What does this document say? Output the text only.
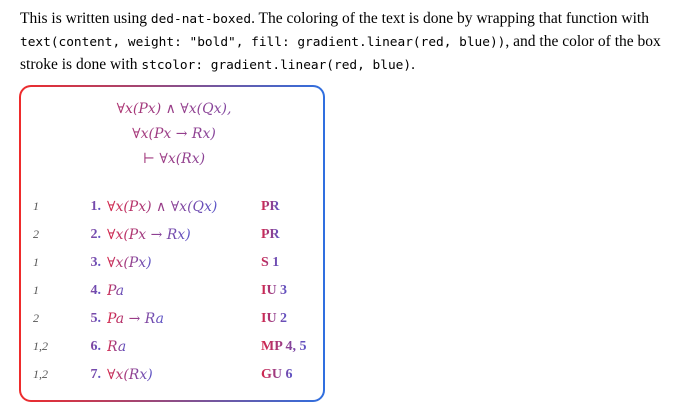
This is written using ded-nat-boxed. The coloring of the text is done by wrapping that function with text(content, weight: "bold", fill: gradient.linear(red, blue)), and the color of the box stroke is done with stcolor: gradient.linear(red, blue).
∀x(Px) ∧ ∀x(Qx),
∀x(Px → Rx)
⊢ ∀x(Rx)
1	1. ∀x(Px) ∧ ∀x(Qx)	PR
2	2. ∀x(Px → Rx)	PR
1	3. ∀x(Px)	S 1
1	4. Pa	IU 3
2	5. Pa → Ra	IU 2
1,2	6. Ra	MP 4, 5
1,2	7. ∀x(Rx)	GU 6
